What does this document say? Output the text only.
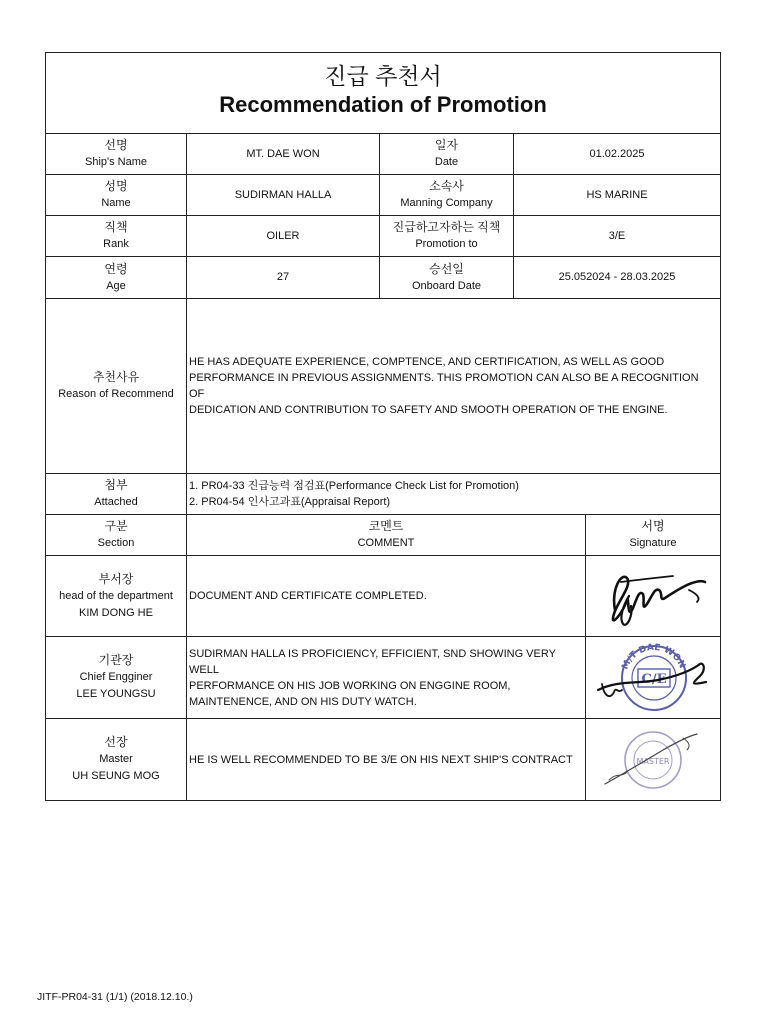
진급 추천서
Recommendation of Promotion
선명
Ship's Name
MT. DAE WON
일자
Date
01.02.2025
성명
Name
SUDIRMAN HALLA
소속사
Manning Company
HS MARINE
직책
Rank
OILER
진급하고자하는 직책
Promotion to
3/E
연령
Age
27
승선일
Onboard Date
25.052024 - 28.03.2025
추천사유
Reason of Recommend
HE HAS ADEQUATE EXPERIENCE, COMPTENCE, AND CERTIFICATION, AS WELL AS GOOD
PERFORMANCE IN PREVIOUS ASSIGNMENTS. THIS PROMOTION CAN ALSO BE A RECOGNITION OF
DEDICATION AND CONTRIBUTION TO SAFETY AND SMOOTH OPERATION OF THE ENGINE.
첨부
Attached
1. PR04-33 진급능력 점검표(Performance Check List for Promotion)
2. PR04-54 인사고과표(Appraisal Report)
구분
Section
코멘트
COMMENT
서명
Signature
부서장
head of the department
KIM DONG HE
DOCUMENT AND CERTIFICATE COMPLETED.
기관장
Chief Engginer
LEE YOUNGSU
SUDIRMAN HALLA IS PROFICIENCY, EFFICIENT, SND SHOWING VERY WELL
PERFORMANCE ON HIS JOB WORKING ON ENGGINE ROOM,
MAINTENENCE, AND ON HIS DUTY WATCH.
M/T DAE WON
C/E
선장
Master
UH SEUNG MOG
HE IS WELL RECOMMENDED TO BE 3/E ON HIS NEXT SHIP'S CONTRACT	MASTER
JITF-PR04-31 (1/1) (2018.12.10.)
